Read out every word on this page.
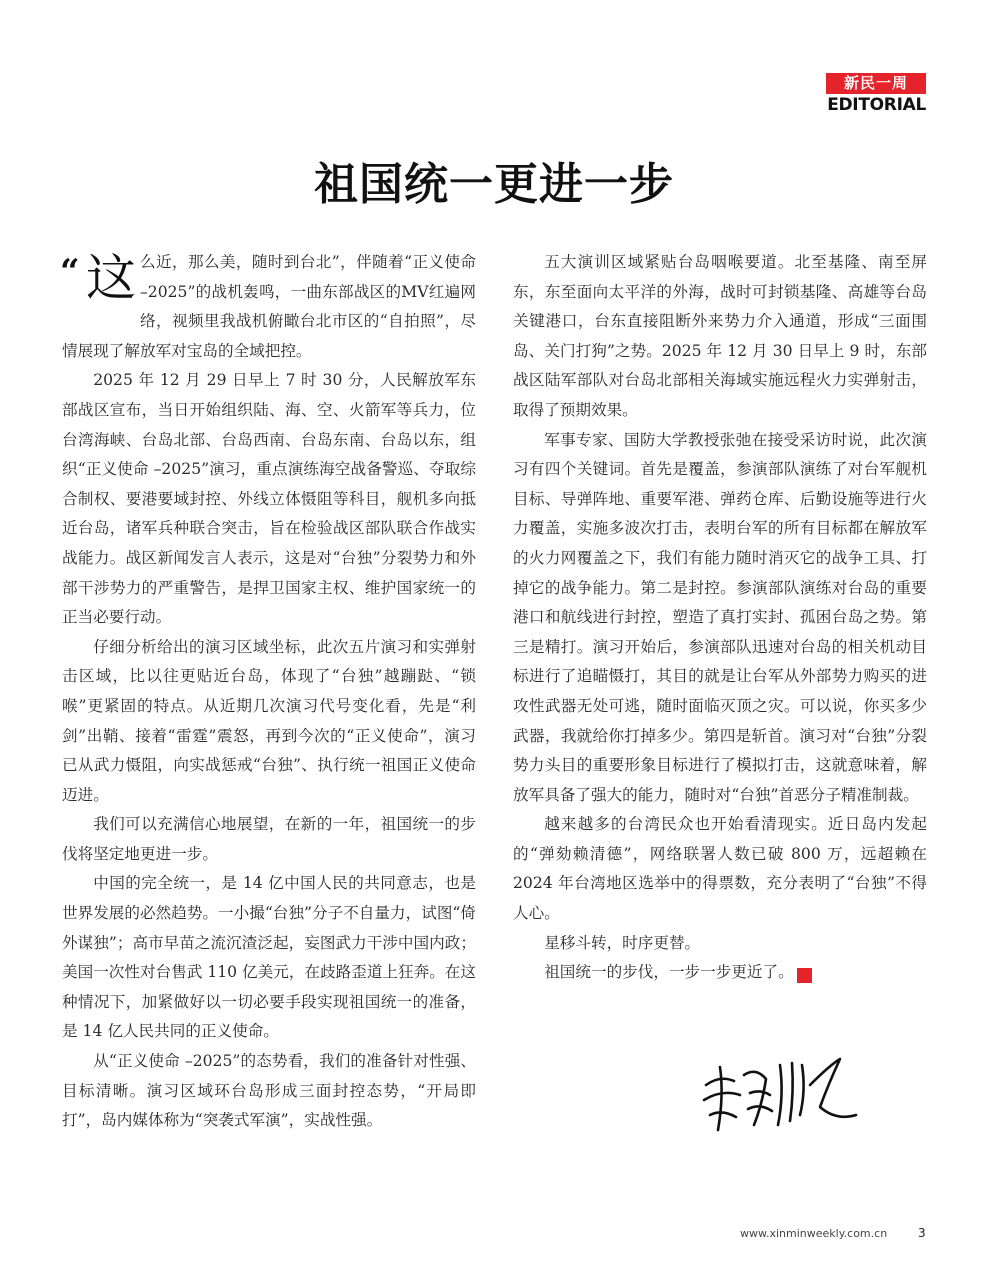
新民一周
EDITORIAL
祖国统一更进一步

“ 这 么近，那么美，随时到台北”，伴随着“正义使命 –2025”的战机轰鸣，一曲东部战区的MV红遍网络，视频里我战机俯瞰台北市区的“自拍照”，尽情展现了解放军对宝岛的全域把控。

2025 年 12 月 29 日早上 7 时 30 分，人民解放军东部战区宣布，当日开始组织陆、海、空、火箭军等兵力，位台湾海峡、台岛北部、台岛西南、台岛东南、台岛以东，组织“正义使命 –2025”演习，重点演练海空战备警巡、夺取综合制权、要港要域封控、外线立体慑阻等科目，舰机多向抵近台岛，诸军兵种联合突击，旨在检验战区部队联合作战实战能力。战区新闻发言人表示，这是对“台独”分裂势力和外部干涉势力的严重警告，是捍卫国家主权、维护国家统一的正当必要行动。

仔细分析给出的演习区域坐标，此次五片演习和实弹射击区域，比以往更贴近台岛，体现了“台独”越蹦跶、“锁喉”更紧固的特点。从近期几次演习代号变化看，先是“利剑”出鞘、接着“雷霆”震怒，再到今次的“正义使命”，演习已从武力慑阻，向实战惩戒“台独”、执行统一祖国正义使命迈进。

我们可以充满信心地展望，在新的一年，祖国统一的步伐将坚定地更进一步。

中国的完全统一，是 14 亿中国人民的共同意志，也是世界发展的必然趋势。一小撮“台独”分子不自量力，试图“倚外谋独”；高市早苗之流沉渣泛起，妄图武力干涉中国内政；美国一次性对台售武 110 亿美元，在歧路歪道上狂奔。在这种情况下，加紧做好以一切必要手段实现祖国统一的准备，是 14 亿人民共同的正义使命。

从“正义使命 –2025”的态势看，我们的准备针对性强、目标清晰。演习区域环台岛形成三面封控态势，“开局即打”，岛内媒体称为“突袭式军演”，实战性强。

五大演训区域紧贴台岛咽喉要道。北至基隆、南至屏东，东至面向太平洋的外海，战时可封锁基隆、高雄等台岛关键港口，台东直接阻断外来势力介入通道，形成“三面围岛、关门打狗”之势。2025 年 12 月 30 日早上 9 时，东部战区陆军部队对台岛北部相关海域实施远程火力实弹射击，取得了预期效果。

军事专家、国防大学教授张弛在接受采访时说，此次演习有四个关键词。首先是覆盖，参演部队演练了对台军舰机目标、导弹阵地、重要军港、弹药仓库、后勤设施等进行火力覆盖，实施多波次打击，表明台军的所有目标都在解放军的火力网覆盖之下，我们有能力随时消灭它的战争工具、打掉它的战争能力。第二是封控。参演部队演练对台岛的重要港口和航线进行封控，塑造了真打实封、孤困台岛之势。第三是精打。演习开始后，参演部队迅速对台岛的相关机动目标进行了追瞄慑打，其目的就是让台军从外部势力购买的进攻性武器无处可逃，随时面临灭顶之灾。可以说，你买多少武器，我就给你打掉多少。第四是斩首。演习对“台独”分裂势力头目的重要形象目标进行了模拟打击，这就意味着，解放军具备了强大的能力，随时对“台独”首恶分子精准制裁。

越来越多的台湾民众也开始看清现实。近日岛内发起的“弹劾赖清德”，网络联署人数已破 800 万，远超赖在 2024 年台湾地区选举中的得票数，充分表明了“台独”不得人心。

星移斗转，时序更替。

祖国统一的步伐，一步一步更近了。	民

www.xinminweekly.com.cn	3
